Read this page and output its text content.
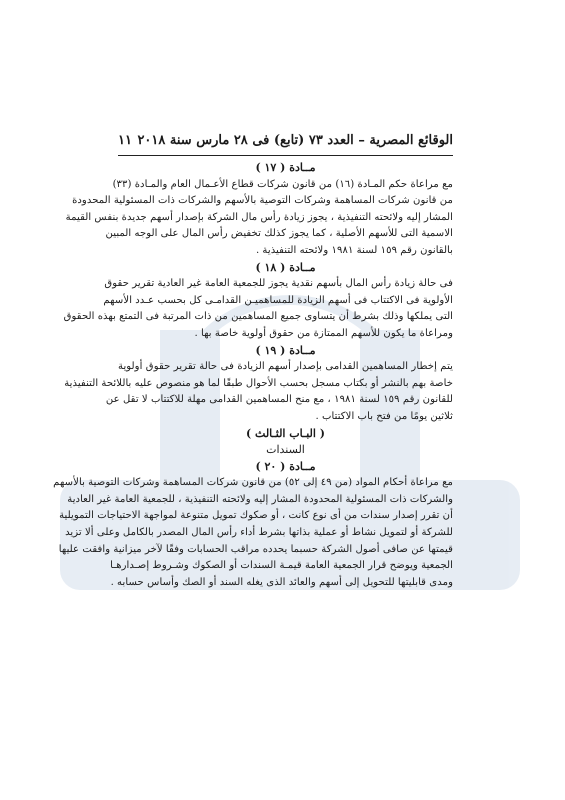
الوقائع المصرية – العدد ٧٣ (تابع) فى ٢٨ مارس سنة ٢٠١٨
١١

مــادة ( ١٧ )

مع مراعاة حكم المـادة (١٦) من قانون شركات قطاع الأعـمال العام والمـادة (٣٣)
من قانون شركات المساهمة وشركات التوصية بالأسهم والشركات ذات المسئولية المحدودة
المشار إليه ولائحته التنفيذية ، يجوز زيادة رأس مال الشركة بإصدار أسهم جديدة بنفس القيمة
الاسمية التى للأسهم الأصلية ، كما يجوز كذلك تخفيض رأس المال على الوجه المبين
بالقانون رقم ١٥٩ لسنة ١٩٨١ ولائحته التنفيذية .

مــادة ( ١٨ )

فى حالة زيادة رأس المال بأسهم نقدية يجوز للجمعية العامة غير العادية تقرير حقوق
الأولوية فى الاكتتاب فى أسهم الزيادة للمساهميـن القدامـى كل بحسب عـدد الأسهم
التى يملكها وذلك بشرط أن يتساوى جميع المساهمين من ذات المرتبة فى التمتع بهذه الحقوق
ومراعاة ما يكون للأسهم الممتازة من حقوق أولوية خاصة بها .

مــادة ( ١٩ )

يتم إخطار المساهمين القدامى بإصدار أسهم الزيادة فى حالة تقرير حقوق أولوية
خاصة بهم بالنشر أو بكتاب مسجل بحسب الأحوال طبقًا لما هو منصوص عليه باللائحة التنفيذية
للقانون رقم ١٥٩ لسنة ١٩٨١ ، مع منح المساهمين القدامى مهلة للاكتتاب لا تقل عن
ثلاثين يومًا من فتح باب الاكتتاب .

( البـاب الثـالث )

السندات

مــادة ( ٢٠ )

مع مراعاة أحكام المواد (من ٤٩ إلى ٥٢) من قانون شركات المساهمة وشركات التوصية بالأسهم
والشركات ذات المسئولية المحدودة المشار إليه ولائحته التنفيذية ، للجمعية العامة غير العادية
أن تقرر إصدار سندات من أى نوع كانت ، أو صكوك تمويل متنوعة لمواجهة الاحتياجات التمويلية
للشركة أو لتمويل نشاط أو عملية بذاتها بشرط أداء رأس المال المصدر بالكامل وعلى ألا تزيد
قيمتها عن صافى أصول الشركة حسبما يحدده مراقب الحسابات وفقًا لآخر ميزانية وافقت عليها
الجمعية ويوضح قرار الجمعية العامة قيمـة السندات أو الصكوك وشـروط إصـدارهـا
ومدى قابليتها للتحويل إلى أسهم والعائد الذى يغله السند أو الصك وأساس حسابه .
